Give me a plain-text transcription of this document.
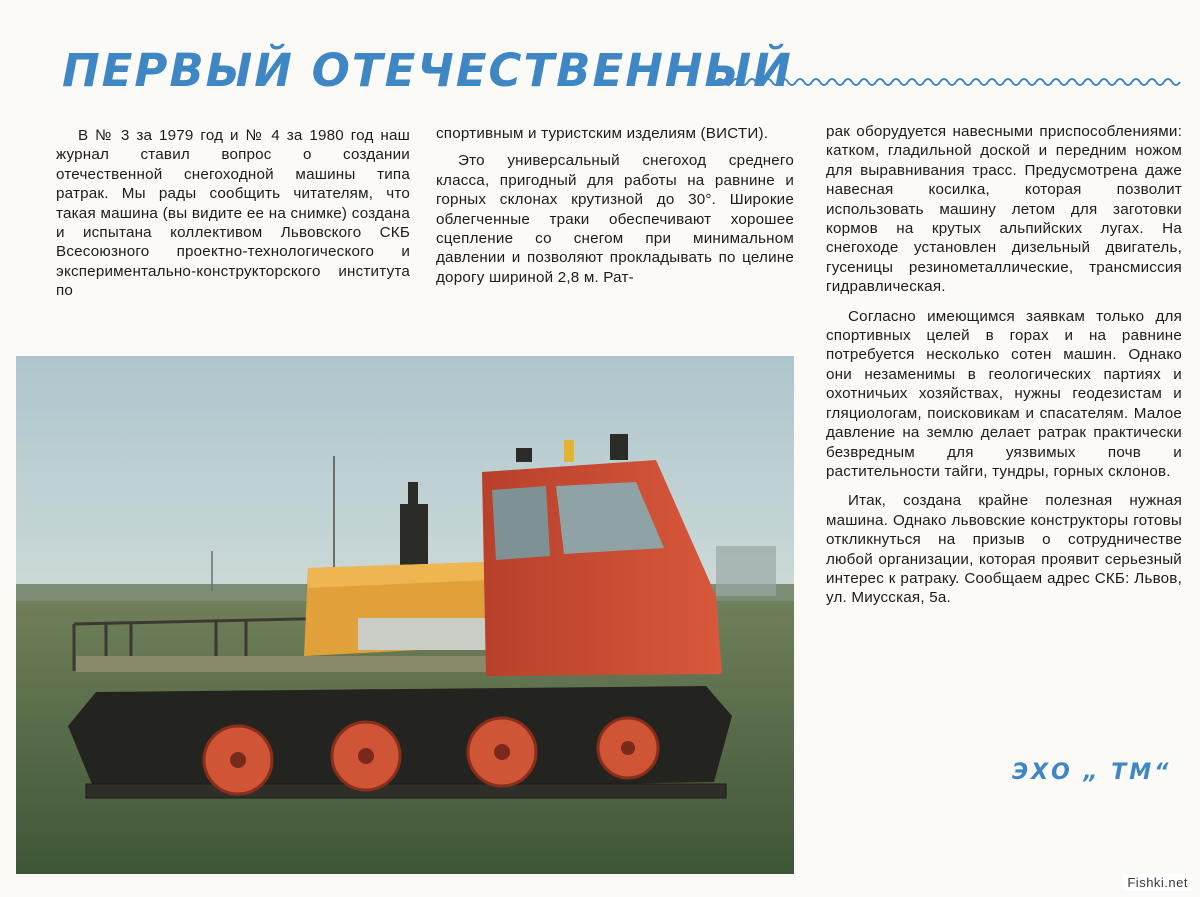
ПЕРВЫЙ ОТЕЧЕСТВЕННЫЙ

В № 3 за 1979 год и № 4 за 1980 год наш журнал ставил вопрос о создании отечественной снегоходной машины типа ратрак. Мы рады сообщить читателям, что такая машина (вы видите ее на снимке) создана и испытана коллективом Львовского СКБ Всесоюзного проектно-технологического и экспериментально-конструкторского института по

спортивным и туристским изделиям (ВИСТИ).

Это универсальный снегоход среднего класса, пригодный для работы на равнине и горных склонах крутизной до 30°. Широкие облегченные траки обеспечивают хорошее сцепление со снегом при минимальном давлении и позволяют прокладывать по целине дорогу шириной 2,8 м. Рат-

рак оборудуется навесными приспособлениями: катком, гладильной доской и передним ножом для выравнивания трасс. Предусмотрена даже навесная косилка, которая позволит использовать машину летом для заготовки кормов на крутых альпийских лугах. На снегоходе установлен дизельный двигатель, гусеницы резинометаллические, трансмиссия гидравлическая.

Согласно имеющимся заявкам только для спортивных целей в горах и на равнине потребуется несколько сотен машин. Однако они незаменимы в геологических партиях и охотничьих хозяйствах, нужны геодезистам и гляциологам, поисковикам и спасателям. Малое давление на землю делает ратрак практически безвредным для уязвимых почв и растительности тайги, тундры, горных склонов.

Итак, создана крайне полезная нужная машина. Однако львовские конструкторы готовы откликнуться на призыв о сотрудничестве любой организации, которая проявит серьезный интерес к ратраку. Сообщаем адрес СКБ: Львов, ул. Миусская, 5а.

ЭХО „ ТМ“
Fishki.net
